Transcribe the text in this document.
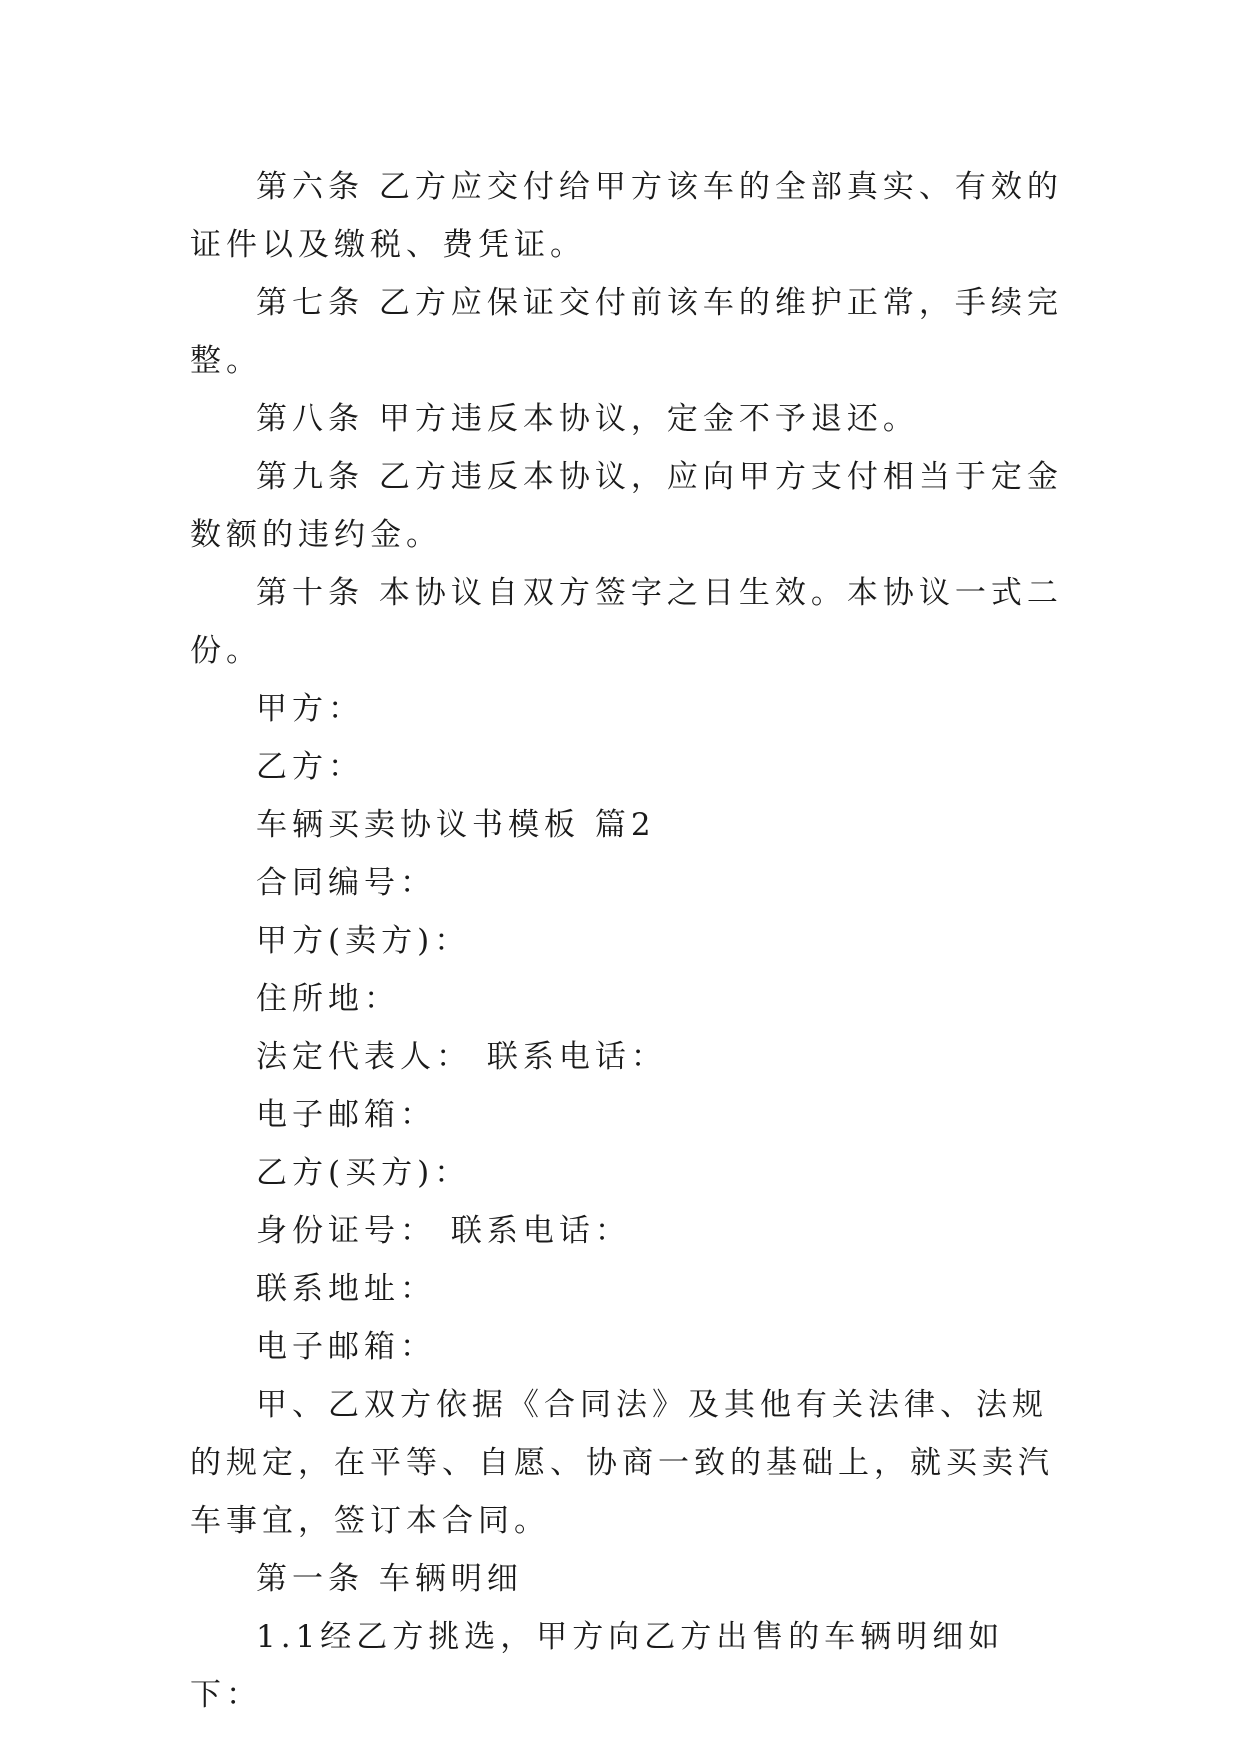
第六条 乙方应交付给甲方该车的全部真实、有效的证件以及缴税、费凭证。

第七条 乙方应保证交付前该车的维护正常，手续完整。

第八条 甲方违反本协议，定金不予退还。

第九条 乙方违反本协议，应向甲方支付相当于定金数额的违约金。

第十条 本协议自双方签字之日生效。本协议一式二份。

甲方：

乙方：

车辆买卖协议书模板 篇2

合同编号：

甲方(卖方)：

住所地：

法定代表人： 联系电话：

电子邮箱：

乙方(买方)：

身份证号： 联系电话：

联系地址：

电子邮箱：

甲、乙双方依据《合同法》及其他有关法律、法规的规定，在平等、自愿、协商一致的基础上，就买卖汽车事宜，签订本合同。

第一条 车辆明细

1.1经乙方挑选，甲方向乙方出售的车辆明细如下：
